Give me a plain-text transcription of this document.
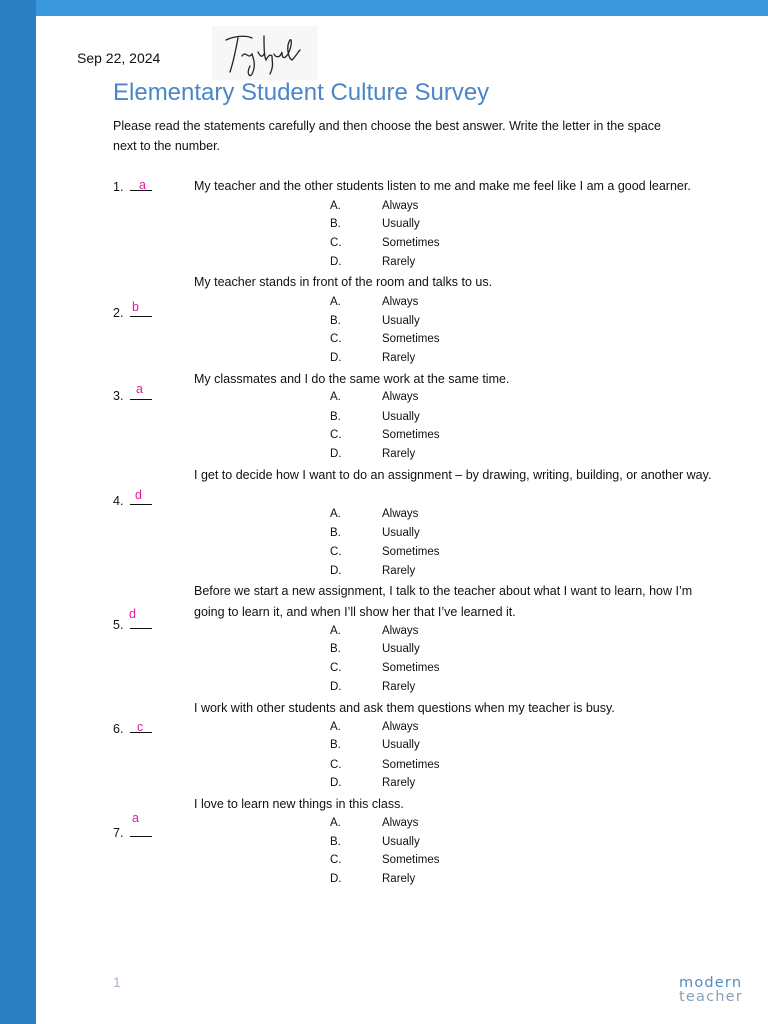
Sep 22, 2024
Elementary Student Culture Survey
Please read the statements carefully and then choose the best answer. Write the letter in the space next to the number.
1.	a	My teacher and the other students listen to me and make me feel like I am a good learner.
A.	Always
B.	Usually
C.	Sometimes
D.	Rarely
2. b
My teacher stands in front of the room and talks to us.
A.	Always
B.	Usually
C.	Sometimes
D.	Rarely
3.	a
My classmates and I do the same work at the same time.
A.	Always
B.	Usually
C.	Sometimes
D.	Rarely
4. d
I get to decide how I want to do an assignment – by drawing, writing, building, or another way.
A.	Always
B.	Usually
C.	Sometimes
D.	Rarely
5.
d
Before we start a new assignment, I talk to the teacher about what I want to learn, how I’m going to learn it, and when I’ll show her that I’ve learned it.
A.	Always
B.	Usually
C.	Sometimes
D.	Rarely
6.	c
I work with other students and ask them questions when my teacher is busy.
A.	Always
B.	Usually
C.	Sometimes
D.	Rarely
7.
a
I love to learn new things in this class.
A.	Always
B.	Usually
C.	Sometimes
D.	Rarely
1	modern
teacher
